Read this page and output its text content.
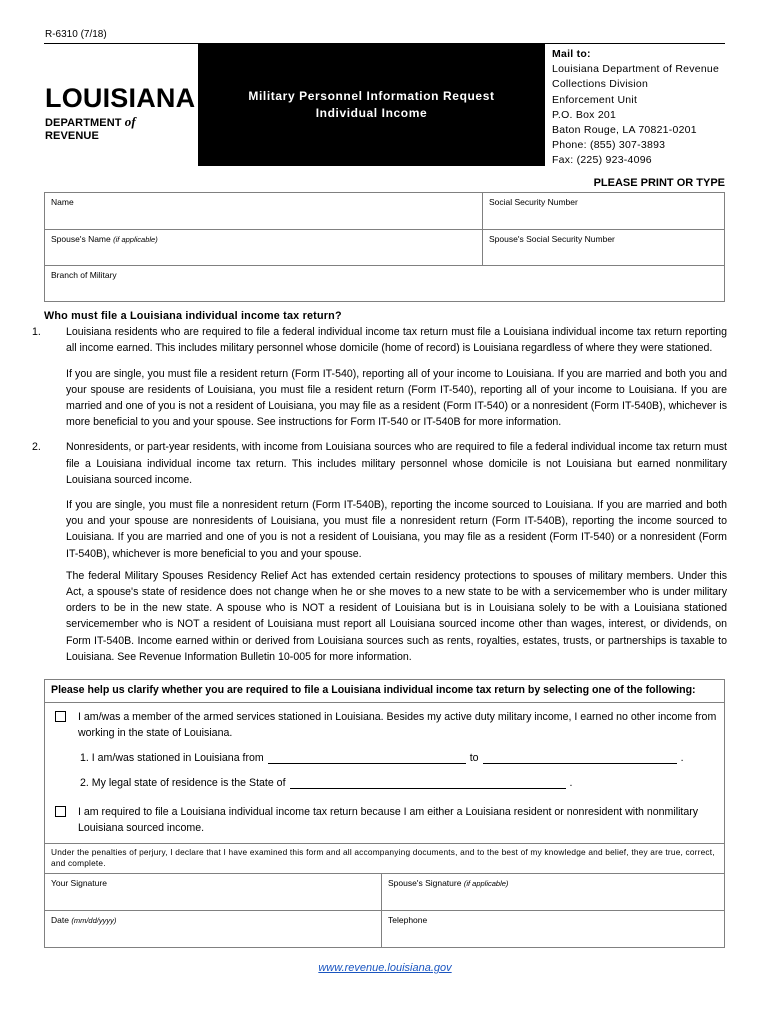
R-6310 (7/18)
LOUISIANA
DEPARTMENT of REVENUE
Military Personnel Information Request
Individual Income
Mail to:
Louisiana Department of Revenue
Collections Division
Enforcement Unit
P.O. Box 201
Baton Rouge, LA 70821-0201
Phone: (855) 307-3893
Fax: (225) 923-4096
PLEASE PRINT OR TYPE
Name	Social Security Number
Spouse's Name (if applicable)	Spouse's Social Security Number
Branch of Military
Who must file a Louisiana individual income tax return?
1.	Louisiana residents who are required to file a federal individual income tax return must file a Louisiana individual income tax return reporting all income earned. This includes military personnel whose domicile (home of record) is Louisiana regardless of where they were stationed.
If you are single, you must file a resident return (Form IT-540), reporting all of your income to Louisiana. If you are married and both you and your spouse are residents of Louisiana, you must file a resident return (Form IT-540), reporting all of your income to Louisiana. If you are married and one of you is not a resident of Louisiana, you may file as a resident (Form IT-540) or a nonresident (Form IT-540B), whichever is more beneficial to you and your spouse. See instructions for Form IT-540 or IT-540B for more information.
2.	Nonresidents, or part-year residents, with income from Louisiana sources who are required to file a federal individual income tax return must file a Louisiana individual income tax return. This includes military personnel whose domicile is not Louisiana but earned nonmilitary Louisiana sourced income.
If you are single, you must file a nonresident return (Form IT-540B), reporting the income sourced to Louisiana. If you are married and both you and your spouse are nonresidents of Louisiana, you must file a nonresident return (Form IT-540B), reporting the income sourced to Louisiana. If you are married and one of you is not a resident of Louisiana, you may file as a resident (Form IT-540) or a nonresident (Form IT-540B), whichever is more beneficial to you and your spouse.
The federal Military Spouses Residency Relief Act has extended certain residency protections to spouses of military members. Under this Act, a spouse's state of residence does not change when he or she moves to a new state to be with a servicemember who is under military orders to be in the new state. A spouse who is NOT a resident of Louisiana but is in Louisiana solely to be with a Louisiana stationed servicemember who is NOT a resident of Louisiana must report all Louisiana sourced income other than wages, interest, or dividends, on Form IT-540B. Income earned within or derived from Louisiana sources such as rents, royalties, estates, trusts, or partnerships is taxable to Louisiana. See Revenue Information Bulletin 10-005 for more information.
Please help us clarify whether you are required to file a Louisiana individual income tax return by selecting one of the following:
I am/was a member of the armed services stationed in Louisiana. Besides my active duty military income, I earned no other income from working in the state of Louisiana.
1. I am/was stationed in Louisiana from	to	.
2. My legal state of residence is the State of	.
I am required to file a Louisiana individual income tax return because I am either a Louisiana resident or nonresident with nonmilitary Louisiana sourced income.
Under the penalties of perjury, I declare that I have examined this form and all accompanying documents, and to the best of my knowledge and belief, they are true, correct, and complete.
Your Signature	Spouse's Signature (if applicable)
Date (mm/dd/yyyy)	Telephone
www.revenue.louisiana.gov
